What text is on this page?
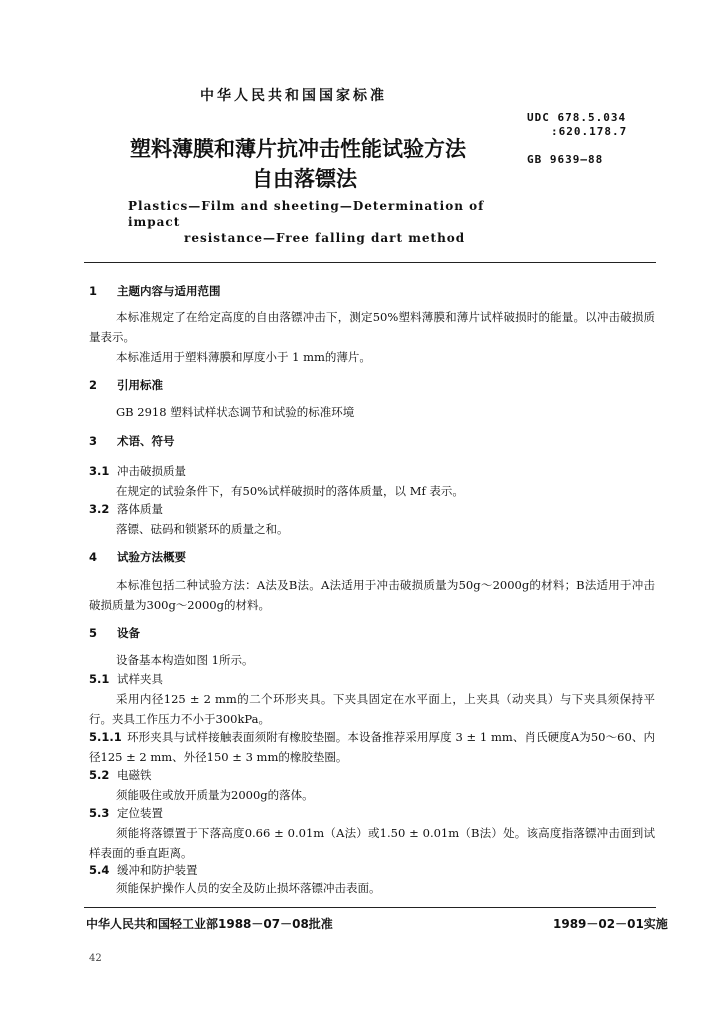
中华人民共和国国家标准
UDC 678.5.034
:620.178.7
GB 9639—88
塑料薄膜和薄片抗冲击性能试验方法
自由落镖法
Plastics—Film and sheeting—Determination of impact
resistance—Free falling dart method
1 主题内容与适用范围
本标准规定了在给定高度的自由落镖冲击下，测定50%塑料薄膜和薄片试样破损时的能量。以冲击破损质量表示。
本标准适用于塑料薄膜和厚度小于 1 mm的薄片。
2 引用标准
GB 2918 塑料试样状态调节和试验的标准环境
3 术语、符号
3.1 冲击破损质量
在规定的试验条件下，有50%试样破损时的落体质量，以 Mf 表示。
3.2 落体质量
落镖、砝码和锁紧环的质量之和。
4 试验方法概要
本标准包括二种试验方法：A法及B法。A法适用于冲击破损质量为50g～2000g的材料；B法适用于冲击破损质量为300g～2000g的材料。
5 设备
设备基本构造如图 1所示。
5.1 试样夹具
采用内径125 ± 2 mm的二个环形夹具。下夹具固定在水平面上，上夹具（动夹具）与下夹具须保持平行。夹具工作压力不小于300kPa。
5.1.1 环形夹具与试样接触表面须附有橡胶垫圈。本设备推荐采用厚度 3 ± 1 mm、肖氏硬度A为50～60、内径125 ± 2 mm、外径150 ± 3 mm的橡胶垫圈。
5.2 电磁铁
须能吸住或放开质量为2000g的落体。
5.3 定位装置
须能将落镖置于下落高度0.66 ± 0.01m（A法）或1.50 ± 0.01m（B法）处。该高度指落镖冲击面到试样表面的垂直距离。
5.4 缓冲和防护装置
须能保护操作人员的安全及防止损坏落镖冲击表面。
中华人民共和国轻工业部1988－07－08批准	1989－02－01实施
42
